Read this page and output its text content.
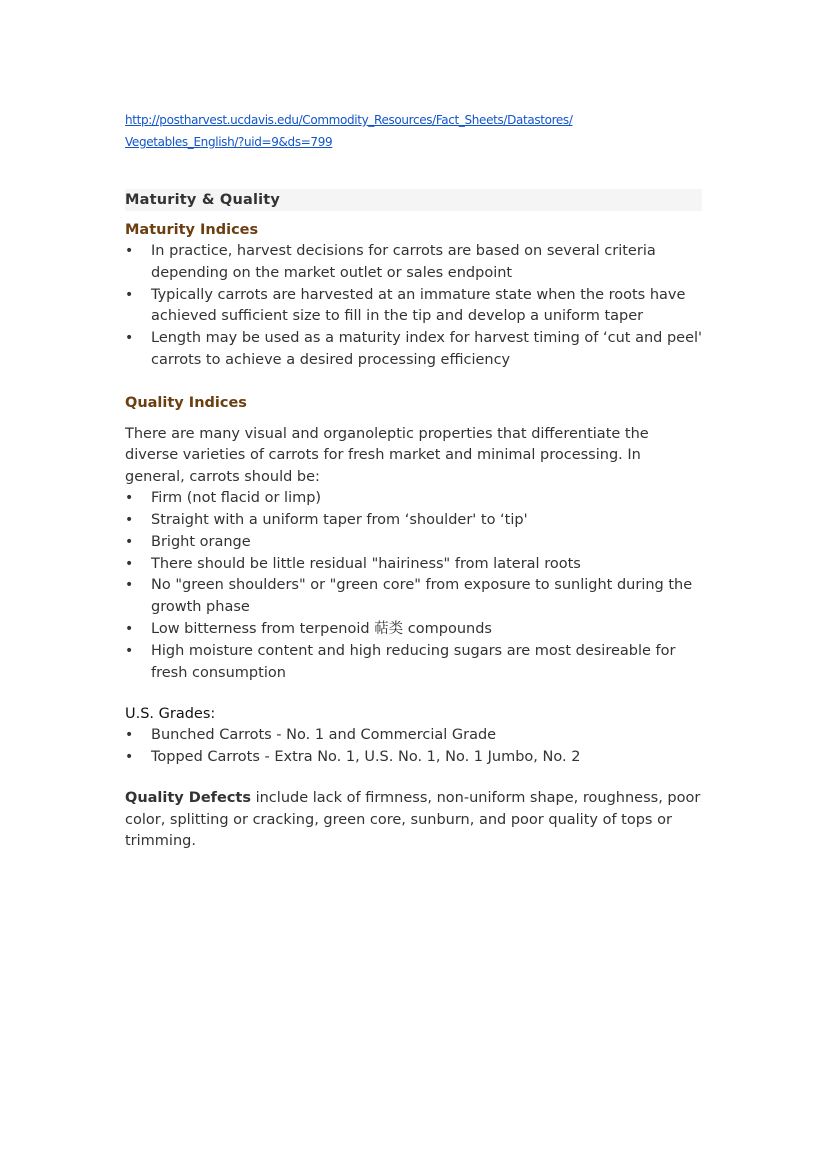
http://postharvest.ucdavis.edu/Commodity_Resources/Fact_Sheets/Datastores/
Vegetables_English/?uid=9&ds=799
Maturity & Quality
Maturity Indices
• In practice, harvest decisions for carrots are based on several criteria depending on the market outlet or sales endpoint
• Typically carrots are harvested at an immature state when the roots have achieved sufficient size to fill in the tip and develop a uniform taper
• Length may be used as a maturity index for harvest timing of ‘cut and peel' carrots to achieve a desired processing efficiency
Quality Indices
There are many visual and organoleptic properties that differentiate the diverse varieties of carrots for fresh market and minimal processing. In general, carrots should be:
• Firm (not flacid or limp)
• Straight with a uniform taper from ‘shoulder' to ‘tip'
• Bright orange
• There should be little residual "hairiness" from lateral roots
• No "green shoulders" or "green core" from exposure to sunlight during the growth phase
• Low bitterness from terpenoid 萜类 compounds
• High moisture content and high reducing sugars are most desireable for fresh consumption
U.S. Grades:
• Bunched Carrots - No. 1 and Commercial Grade
• Topped Carrots - Extra No. 1, U.S. No. 1, No. 1 Jumbo, No. 2
Quality Defects include lack of firmness, non-uniform shape, roughness, poor color, splitting or cracking, green core, sunburn, and poor quality of tops or trimming.
